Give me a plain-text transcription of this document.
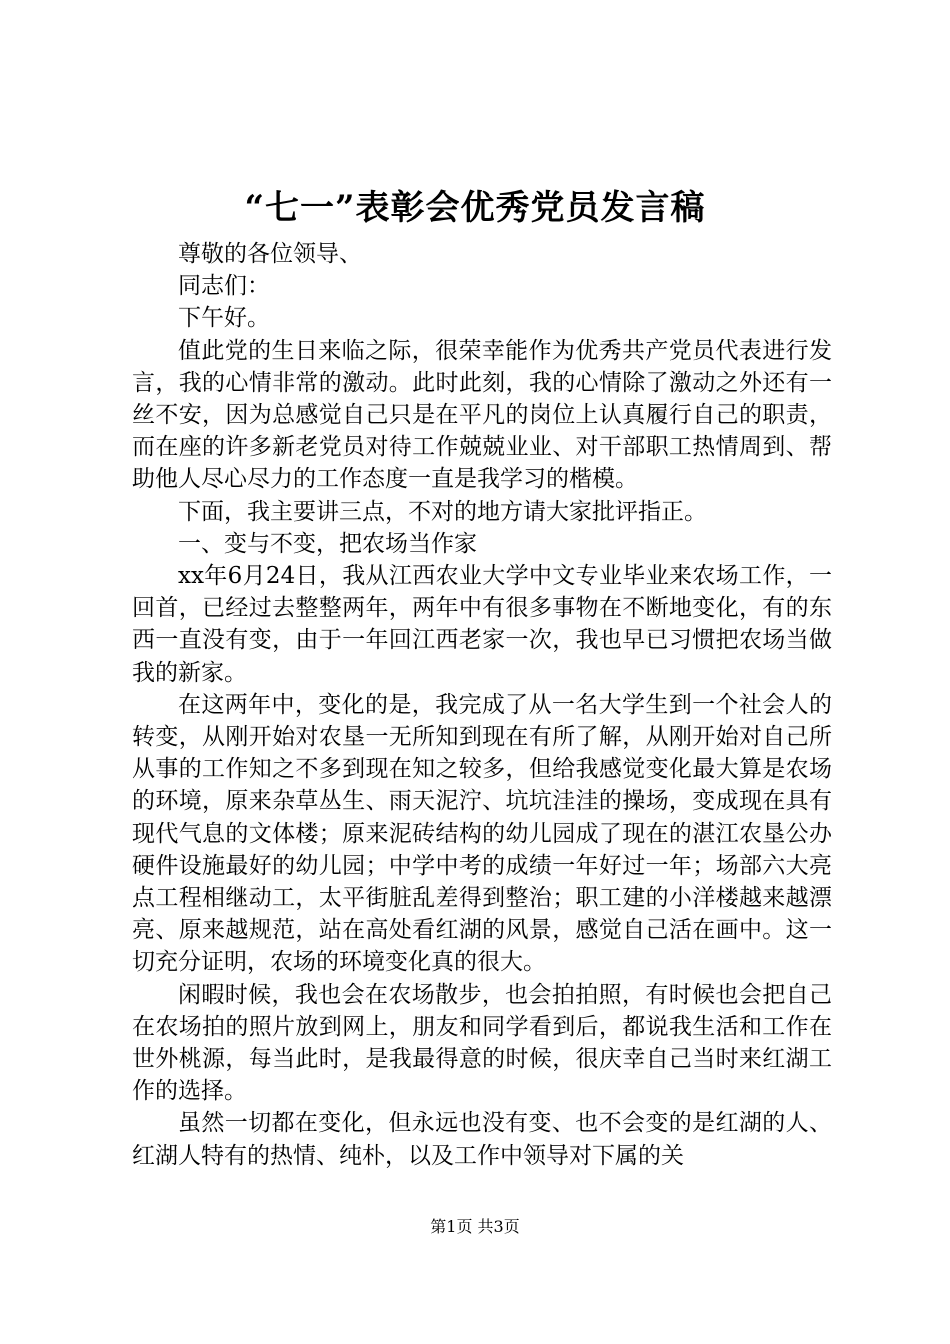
“七一”表彰会优秀党员发言稿

尊敬的各位领导、

同志们：

下午好。

值此党的生日来临之际，很荣幸能作为优秀共产党员代表进行发言，我的心情非常的激动。此时此刻，我的心情除了激动之外还有一丝不安，因为总感觉自己只是在平凡的岗位上认真履行自己的职责，而在座的许多新老党员对待工作兢兢业业、对干部职工热情周到、帮助他人尽心尽力的工作态度一直是我学习的楷模。

下面，我主要讲三点，不对的地方请大家批评指正。

一、变与不变，把农场当作家

xx年6月24日，我从江西农业大学中文专业毕业来农场工作，一回首，已经过去整整两年，两年中有很多事物在不断地变化，有的东西一直没有变，由于一年回江西老家一次，我也早已习惯把农场当做我的新家。

在这两年中，变化的是，我完成了从一名大学生到一个社会人的转变，从刚开始对农垦一无所知到现在有所了解，从刚开始对自己所从事的工作知之不多到现在知之较多，但给我感觉变化最大算是农场的环境，原来杂草丛生、雨天泥泞、坑坑洼洼的操场，变成现在具有现代气息的文体楼；原来泥砖结构的幼儿园成了现在的湛江农垦公办硬件设施最好的幼儿园；中学中考的成绩一年好过一年；场部六大亮点工程相继动工，太平街脏乱差得到整治；职工建的小洋楼越来越漂亮、原来越规范，站在高处看红湖的风景，感觉自己活在画中。这一切充分证明，农场的环境变化真的很大。

闲暇时候，我也会在农场散步，也会拍拍照，有时候也会把自己在农场拍的照片放到网上，朋友和同学看到后，都说我生活和工作在世外桃源，每当此时，是我最得意的时候，很庆幸自己当时来红湖工作的选择。

虽然一切都在变化，但永远也没有变、也不会变的是红湖的人、红湖人特有的热情、纯朴，以及工作中领导对下属的关

第1页 共3页
